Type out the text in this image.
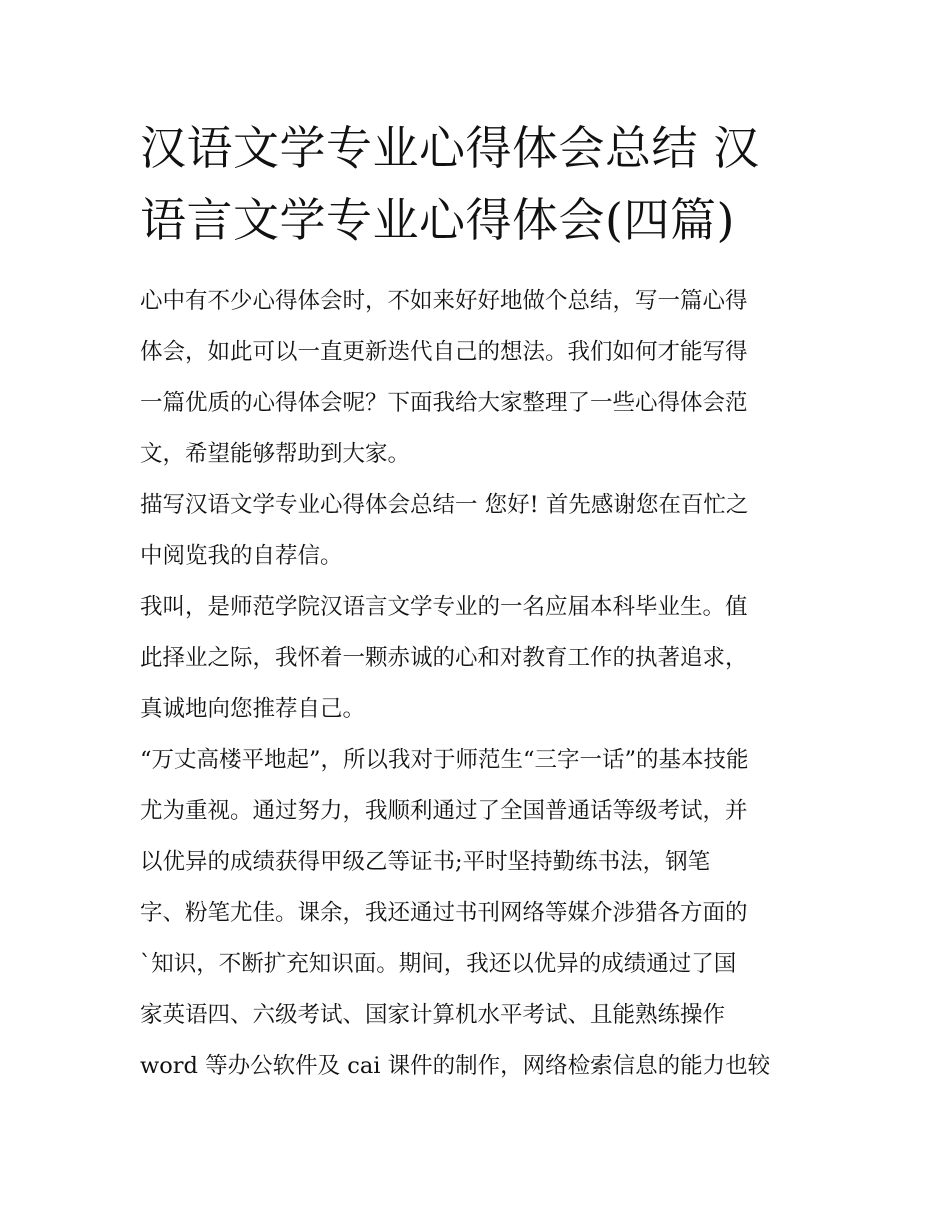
汉语文学专业心得体会总结 汉
语言文学专业心得体会(四篇)

心中有不少心得体会时，不如来好好地做个总结，写一篇心得

体会，如此可以一直更新迭代自己的想法。我们如何才能写得

一篇优质的心得体会呢？下面我给大家整理了一些心得体会范

文，希望能够帮助到大家。

描写汉语文学专业心得体会总结一 您好! 首先感谢您在百忙之

中阅览我的自荐信。

我叫，是师范学院汉语言文学专业的一名应届本科毕业生。值

此择业之际，我怀着一颗赤诚的心和对教育工作的执著追求，

真诚地向您推荐自己。

“万丈高楼平地起”，所以我对于师范生“三字一话”的基本技能

尤为重视。通过努力，我顺利通过了全国普通话等级考试，并

以优异的成绩获得甲级乙等证书;平时坚持勤练书法，钢笔

字、粉笔尤佳。课余，我还通过书刊网络等媒介涉猎各方面的

`知识，不断扩充知识面。期间，我还以优异的成绩通过了国

家英语四、六级考试、国家计算机水平考试、且能熟练操作

word 等办公软件及 cai 课件的制作，网络检索信息的能力也较
